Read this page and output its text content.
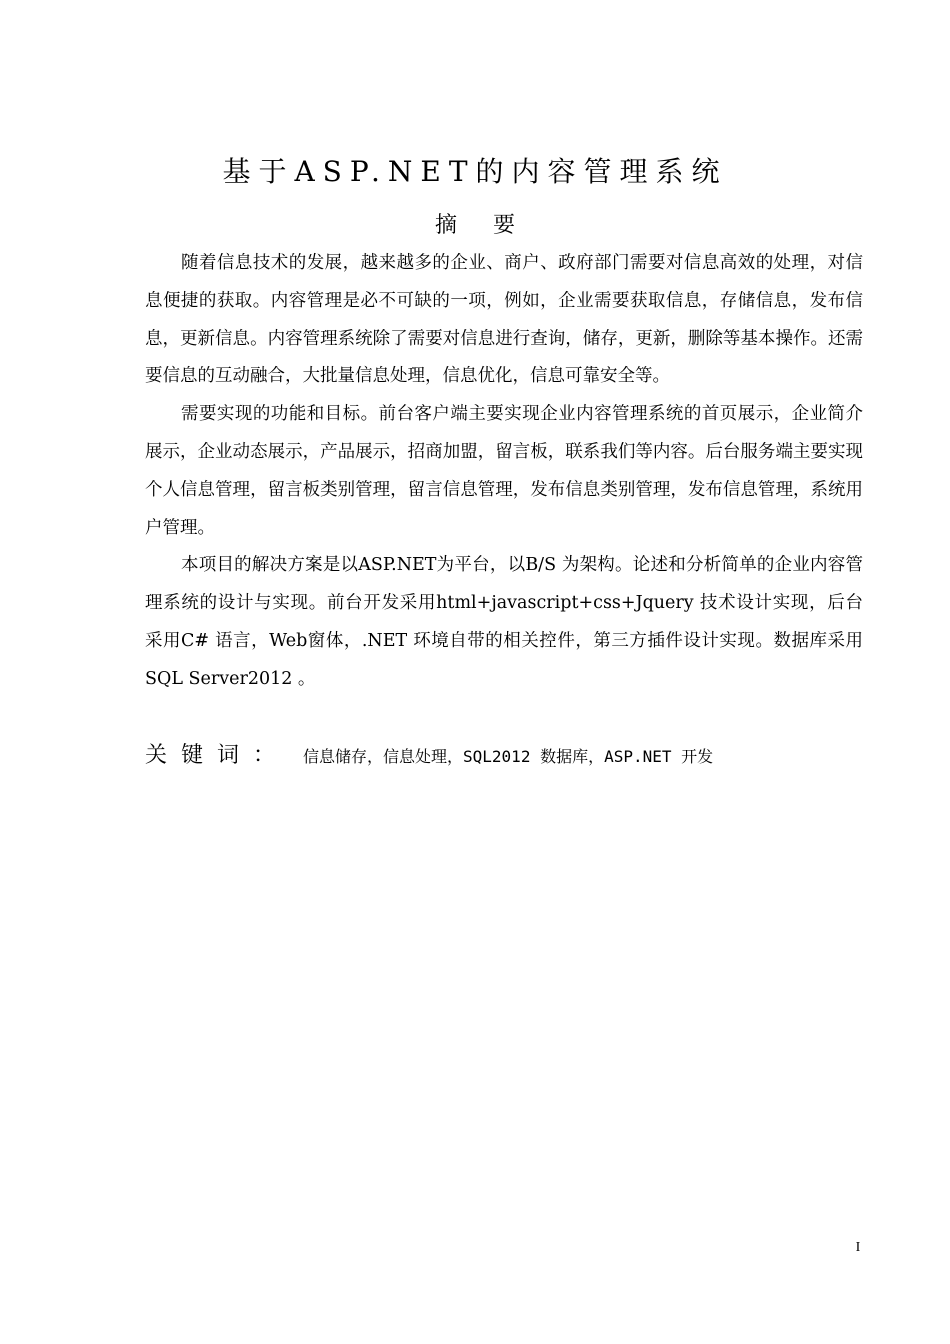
基于ASP.NET的内容管理系统
摘要

随着信息技术的发展，越来越多的企业、商户、政府部门需要对信息高效的处理，对信息便捷的获取。内容管理是必不可缺的一项，例如，企业需要获取信息，存储信息，发布信息，更新信息。内容管理系统除了需要对信息进行查询，储存，更新，删除等基本操作。还需要信息的互动融合，大批量信息处理，信息优化，信息可靠安全等。

需要实现的功能和目标。前台客户端主要实现企业内容管理系统的首页展示，企业简介展示，企业动态展示，产品展示，招商加盟，留言板，联系我们等内容。后台服务端主要实现个人信息管理，留言板类别管理，留言信息管理，发布信息类别管理，发布信息管理，系统用户管理。

本项目的解决方案是以ASP.NET为平台，以B/S 为架构。论述和分析简单的企业内容管理系统的设计与实现。前台开发采用html+javascript+css+Jquery 技术设计实现，后台采用C# 语言，Web窗体，.NET 环境自带的相关控件，第三方插件设计实现。数据库采用SQL Server2012 。

关键词： 信息储存，信息处理，SQL2012 数据库，ASP.NET 开发
I
